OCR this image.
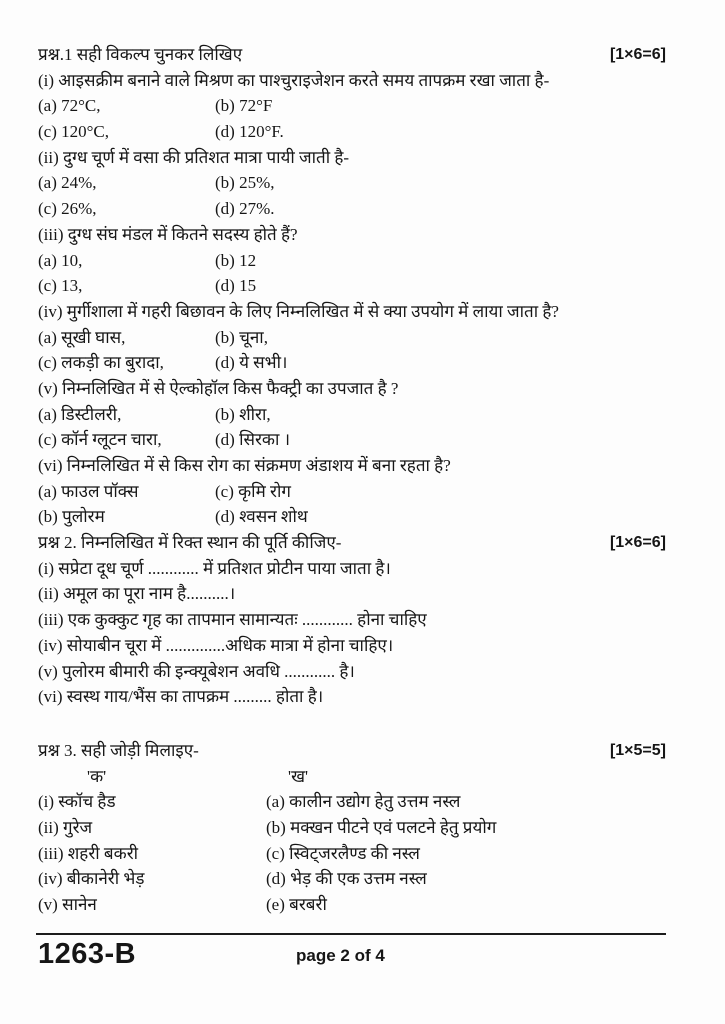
प्रश्न.1 सही विकल्प चुनकर लिखिए	[1×6=6]
(i) आइसक्रीम बनाने वाले मिश्रण का पाश्चुराइजेशन करते समय तापक्रम रखा जाता है-
(a) 72°C,	(b) 72°F
(c) 120°C,	(d) 120°F.
(ii) दुग्ध चूर्ण में वसा की प्रतिशत मात्रा पायी जाती है-
(a) 24%,	(b) 25%,
(c) 26%,	(d) 27%.
(iii) दुग्ध संघ मंडल में कितने सदस्य होते हैं?
(a) 10,	(b) 12
(c) 13,	(d) 15
(iv) मुर्गीशाला में गहरी बिछावन के लिए निम्नलिखित में से क्या उपयोग में लाया जाता है?
(a) सूखी घास,	(b) चूना,
(c) लकड़ी का बुरादा,	(d) ये सभी।
(v) निम्नलिखित में से ऐल्कोहॉल किस फैक्ट्री का उपजात है ?
(a) डिस्टीलरी,	(b) शीरा,
(c) कॉर्न ग्लूटन चारा,	(d) सिरका ।
(vi) निम्नलिखित में से किस रोग का संक्रमण अंडाशय में बना रहता है?
(a) फाउल पॉक्स	(c) कृमि रोग
(b) पुलोरम	(d) श्वसन शोथ
प्रश्न 2. निम्नलिखित में रिक्त स्थान की पूर्ति कीजिए-	[1×6=6]
(i) सप्रेटा दूध चूर्ण ............ में प्रतिशत प्रोटीन पाया जाता है।
(ii) अमूल का पूरा नाम है..........।
(iii) एक कुक्कुट गृह का तापमान सामान्यतः ............ होना चाहिए
(iv) सोयाबीन चूरा में ..............अधिक मात्रा में होना चाहिए।
(v) पुलोरम बीमारी की इन्क्यूबेशन अवधि ............ है।
(vi) स्वस्थ गाय/भैंस का तापक्रम ......... होता है।
प्रश्न 3. सही जोड़ी मिलाइए-	[1×5=5]
'क'	'ख'
(i) स्कॉच हैड	(a) कालीन उद्योग हेतु उत्तम नस्ल
(ii) गुरेज	(b) मक्खन पीटने एवं पलटने हेतु प्रयोग
(iii) शहरी बकरी	(c) स्विट्जरलैण्ड की नस्ल
(iv) बीकानेरी भेड़	(d) भेड़ की एक उत्तम नस्ल
(v) सानेन	(e) बरबरी
1263-B	page 2 of 4
